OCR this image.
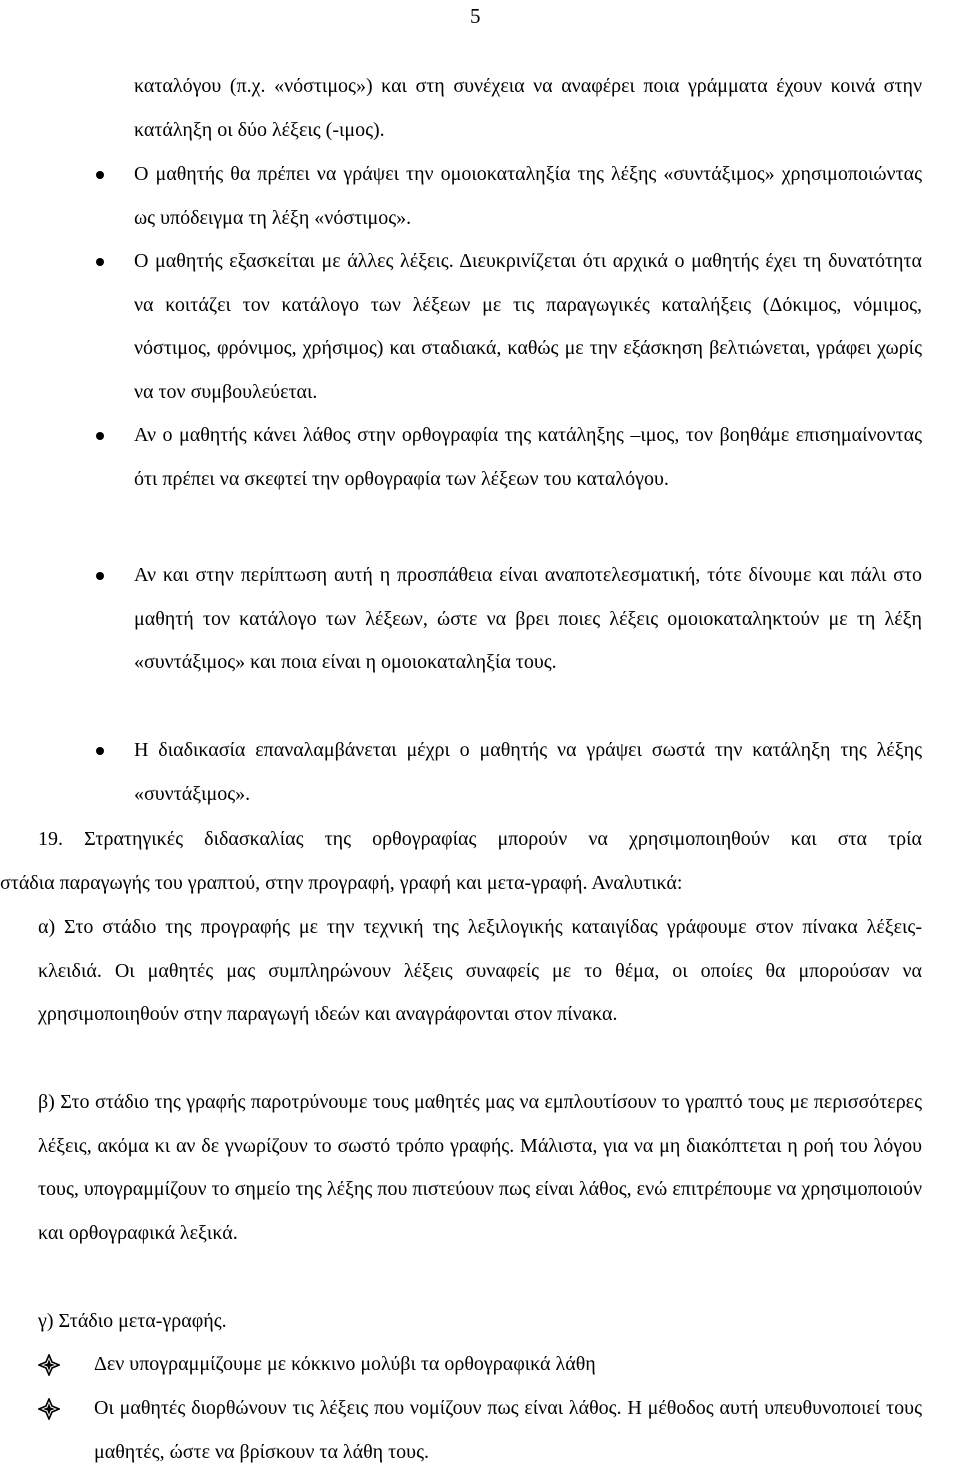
5

καταλόγου (π.χ. «νόστιμος») και στη συνέχεια να αναφέρει ποια γράμματα έχουν κοινά στην κατάληξη οι δύο λέξεις (-ιμος).

Ο μαθητής θα πρέπει να γράψει την ομοιοκαταληξία της λέξης «συντάξιμος» χρησιμοποιώντας ως υπόδειγμα τη λέξη «νόστιμος».
Ο μαθητής εξασκείται με άλλες λέξεις. Διευκρινίζεται ότι αρχικά ο μαθητής έχει τη δυνατότητα να κοιτάζει τον κατάλογο των λέξεων με τις παραγωγικές καταλήξεις (Δόκιμος, νόμιμος, νόστιμος, φρόνιμος, χρήσιμος) και σταδιακά, καθώς με την εξάσκηση βελτιώνεται, γράφει χωρίς να τον συμβουλεύεται.
Αν ο μαθητής κάνει λάθος στην ορθογραφία της κατάληξης –ιμος, τον βοηθάμε επισημαίνοντας ότι πρέπει να σκεφτεί την ορθογραφία των λέξεων του καταλόγου.
Αν και στην περίπτωση αυτή η προσπάθεια είναι αναποτελεσματική, τότε δίνουμε και πάλι στο μαθητή τον κατάλογο των λέξεων, ώστε να βρει ποιες λέξεις ομοιοκαταληκτούν με τη λέξη «συντάξιμος» και ποια είναι η ομοιοκαταληξία τους.
Η διαδικασία επαναλαμβάνεται μέχρι ο μαθητής να γράψει σωστά την κατάληξη της λέξης «συντάξιμος».
19. Στρατηγικές διδασκαλίας της ορθογραφίας μπορούν να χρησιμοποιηθούν και στα τρία
στάδια παραγωγής του γραπτού, στην προγραφή, γραφή και μετα-γραφή. Αναλυτικά:

α) Στο στάδιο της προγραφής με την τεχνική της λεξιλογικής καταιγίδας γράφουμε στον πίνακα λέξεις-κλειδιά. Οι μαθητές μας συμπληρώνουν λέξεις συναφείς με το θέμα, οι οποίες θα μπορούσαν να χρησιμοποιηθούν στην παραγωγή ιδεών και αναγράφονται στον πίνακα.

β) Στο στάδιο της γραφής παροτρύνουμε τους μαθητές μας να εμπλουτίσουν το γραπτό τους με περισσότερες λέξεις, ακόμα κι αν δε γνωρίζουν το σωστό τρόπο γραφής. Μάλιστα, για να μη διακόπτεται η ροή του λόγου τους, υπογραμμίζουν το σημείο της λέξης που πιστεύουν πως είναι λάθος, ενώ επιτρέπουμε να χρησιμοποιούν και ορθογραφικά λεξικά.

γ) Στάδιο μετα-γραφής.

Δεν υπογραμμίζουμε με κόκκινο μολύβι τα ορθογραφικά λάθη
Οι μαθητές διορθώνουν τις λέξεις που νομίζουν πως είναι λάθος. Η μέθοδος αυτή υπευθυνοποιεί τους μαθητές, ώστε να βρίσκουν τα λάθη τους.
